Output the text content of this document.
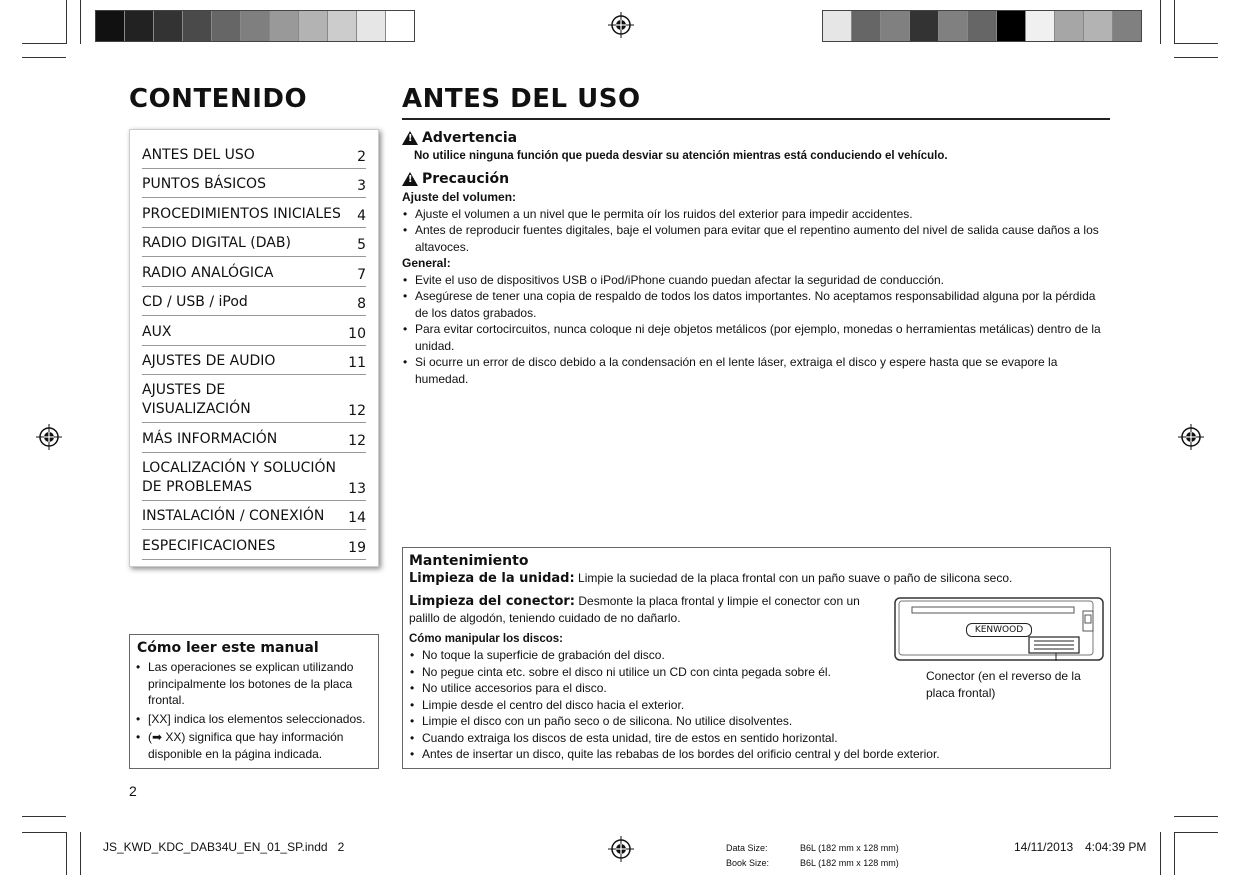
CONTENIDO	ANTES DEL USO
ANTES DEL USO	2
PUNTOS BÁSICOS	3
PROCEDIMIENTOS INICIALES 4
RADIO DIGITAL (DAB)	5
RADIO ANALÓGICA	7
CD / USB / iPod	8
AUX	10
AJUSTES DE AUDIO	11
AJUSTES DE
VISUALIZACIÓN	12
MÁS INFORMACIÓN	12
LOCALIZACIÓN Y SOLUCIÓN
DE PROBLEMAS	13
INSTALACIÓN / CONEXIÓN 14
ESPECIFICACIONES	19
Cómo leer este manual
• Las operaciones se explican utilizando principalmente los botones de la placa frontal.
• [XX] indica los elementos seleccionados.
• (➡ XX) significa que hay información disponible en la página indicada.
!
Advertencia
No utilice ninguna función que pueda desviar su atención mientras está conduciendo el vehículo.
!
Precaución
Ajuste del volumen:
• Ajuste el volumen a un nivel que le permita oír los ruidos del exterior para impedir accidentes.
• Antes de reproducir fuentes digitales, baje el volumen para evitar que el repentino aumento del nivel de salida cause daños a los altavoces.
General:
• Evite el uso de dispositivos USB o iPod/iPhone cuando puedan afectar la seguridad de conducción.
• Asegúrese de tener una copia de respaldo de todos los datos importantes. No aceptamos responsabilidad alguna por la pérdida de los datos grabados.
• Para evitar cortocircuitos, nunca coloque ni deje objetos metálicos (por ejemplo, monedas o herramientas metálicas) dentro de la unidad.
• Si ocurre un error de disco debido a la condensación en el lente láser, extraiga el disco y espere hasta que se evapore la humedad.
Mantenimiento
Limpieza de la unidad: Limpie la suciedad de la placa frontal con un paño suave o paño de silicona seco.
Limpieza del conector: Desmonte la placa frontal y limpie el conector con un palillo de algodón, teniendo cuidado de no dañarlo.
Cómo manipular los discos:
• No toque la superficie de grabación del disco.
• No pegue cinta etc. sobre el disco ni utilice un CD con cinta pegada sobre él.
• No utilice accesorios para el disco.
• Limpie desde el centro del disco hacia el exterior.
• Limpie el disco con un paño seco o de silicona. No utilice disolventes.
• Cuando extraiga los discos de esta unidad, tire de estos en sentido horizontal.
• Antes de insertar un disco, quite las rebabas de los bordes del orificio central y del borde exterior.
KENWOOD
Conector (en el reverso de la placa frontal)
2
JS_KWD_KDC_DAB34U_EN_01_SP.indd   2	Data Size:	B6L (182 mm x 128 mm)
Book Size:	B6L (182 mm x 128 mm)
14/11/2013 4:04:39 PM
